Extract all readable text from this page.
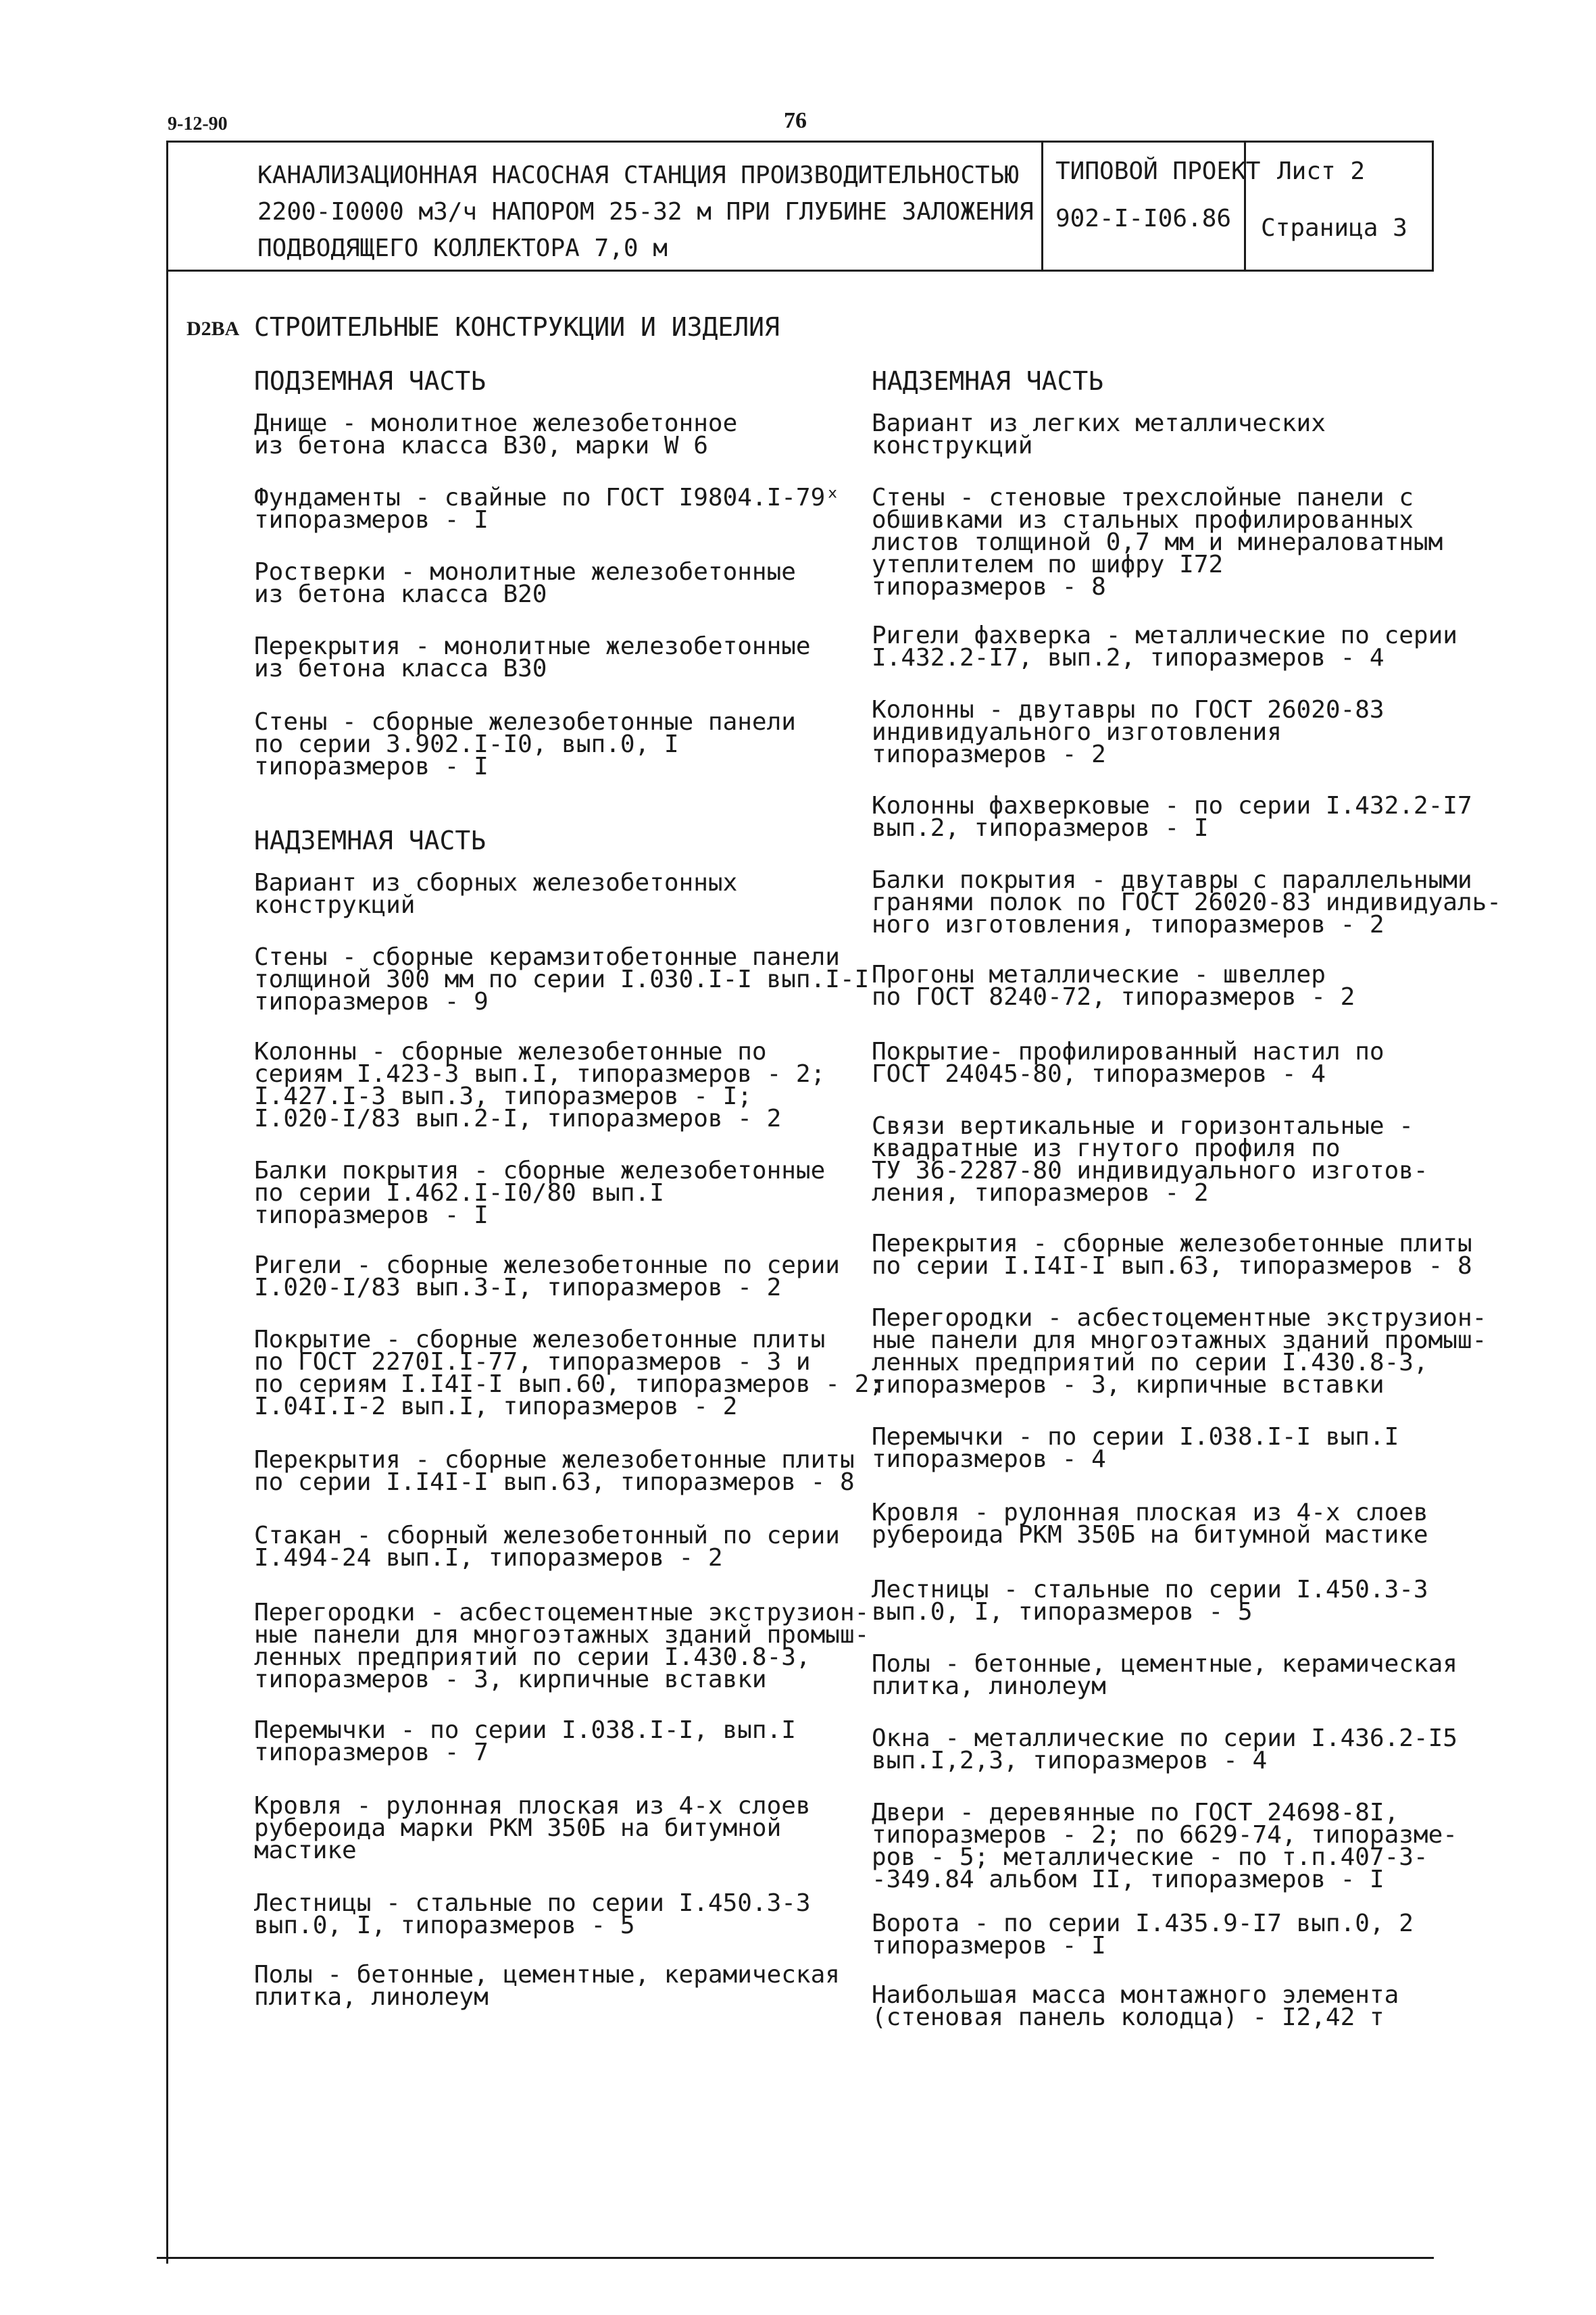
9-12-90	76
КАНАЛИЗАЦИОННАЯ НАСОСНАЯ СТАНЦИЯ ПРОИЗВОДИТЕЛЬНОСТЬЮ
2200-I0000 м3/ч НАПОРОМ 25-32 м ПРИ ГЛУБИНЕ ЗАЛОЖЕНИЯ
ПОДВОДЯЩЕГО КОЛЛЕКТОРА 7,0 м
ТИПОВОЙ ПРОЕКТ
902-I-I06.86
Лист 2
Страница 3
D2BA СТРОИТЕЛЬНЫЕ КОНСТРУКЦИИ И ИЗДЕЛИЯ
ПОДЗЕМНАЯ ЧАСТЬ
Днище - монолитное железобетонное
из бетона класса В30, марки W 6
Фундаменты - свайные по ГОСТ I9804.I-79ˣ
типоразмеров - I
Ростверки - монолитные железобетонные
из бетона класса В20
Перекрытия - монолитные железобетонные
из бетона класса В30
Стены - сборные железобетонные панели
по серии 3.902.I-I0, вып.0, I
типоразмеров - I
НАДЗЕМНАЯ ЧАСТЬ
Вариант из сборных железобетонных
конструкций
Стены - сборные керамзитобетонные панели
толщиной 300 мм по серии I.030.I-I вып.I-I
типоразмеров - 9
Колонны - сборные железобетонные по
сериям I.423-3 вып.I, типоразмеров - 2;
I.427.I-3 вып.3, типоразмеров - I;
I.020-I/83 вып.2-I, типоразмеров - 2
Балки покрытия - сборные железобетонные
по серии I.462.I-I0/80 вып.I
типоразмеров - I
Ригели - сборные железобетонные по серии
I.020-I/83 вып.3-I, типоразмеров - 2
Покрытие - сборные железобетонные плиты
по ГОСТ 2270I.I-77, типоразмеров - 3 и
по сериям I.I4I-I вып.60, типоразмеров - 2;
I.04I.I-2 вып.I, типоразмеров - 2
Перекрытия - сборные железобетонные плиты
по серии I.I4I-I вып.63, типоразмеров - 8
Стакан - сборный железобетонный по серии
I.494-24 вып.I, типоразмеров - 2
Перегородки - асбестоцементные экструзион-
ные панели для многоэтажных зданий промыш-
ленных предприятий по серии I.430.8-3,
типоразмеров - 3, кирпичные вставки
Перемычки - по серии I.038.I-I, вып.I
типоразмеров - 7
Кровля - рулонная плоская из 4-х слоев
рубероида марки РКМ 350Б на битумной
мастике
Лестницы - стальные по серии I.450.3-3
вып.0, I, типоразмеров - 5
Полы - бетонные, цементные, керамическая
плитка, линолеум
НАДЗЕМНАЯ ЧАСТЬ
Вариант из легких металлических
конструкций
Стены - стеновые трехслойные панели с
обшивками из стальных профилированных
листов толщиной 0,7 мм и минераловатным
утеплителем по шифру I72
типоразмеров - 8
Ригели фахверка - металлические по серии
I.432.2-I7, вып.2, типоразмеров - 4
Колонны - двутавры по ГОСТ 26020-83
индивидуального изготовления
типоразмеров - 2
Колонны фахверковые - по серии I.432.2-I7
вып.2, типоразмеров - I
Балки покрытия - двутавры с параллельными
гранями полок по ГОСТ 26020-83 индивидуаль-
ного изготовления, типоразмеров - 2
Прогоны металлические - швеллер
по ГОСТ 8240-72, типоразмеров - 2
Покрытие- профилированный настил по
ГОСТ 24045-80, типоразмеров - 4
Связи вертикальные и горизонтальные -
квадратные из гнутого профиля по
ТУ 36-2287-80 индивидуального изготов-
ления, типоразмеров - 2
Перекрытия - сборные железобетонные плиты
по серии I.I4I-I вып.63, типоразмеров - 8
Перегородки - асбестоцементные экструзион-
ные панели для многоэтажных зданий промыш-
ленных предприятий по серии I.430.8-3,
типоразмеров - 3, кирпичные вставки
Перемычки - по серии I.038.I-I вып.I
типоразмеров - 4
Кровля - рулонная плоская из 4-х слоев
рубероида РКМ 350Б на битумной мастике
Лестницы - стальные по серии I.450.3-3
вып.0, I, типоразмеров - 5
Полы - бетонные, цементные, керамическая
плитка, линолеум
Окна - металлические по серии I.436.2-I5
вып.I,2,3, типоразмеров - 4
Двери - деревянные по ГОСТ 24698-8I,
типоразмеров - 2; по 6629-74, типоразме-
ров - 5; металлические - по т.п.407-3-
-349.84 альбом II, типоразмеров - I
Ворота - по серии I.435.9-I7 вып.0, 2
типоразмеров - I
Наибольшая масса монтажного элемента
(стеновая панель колодца) - I2,42 т
